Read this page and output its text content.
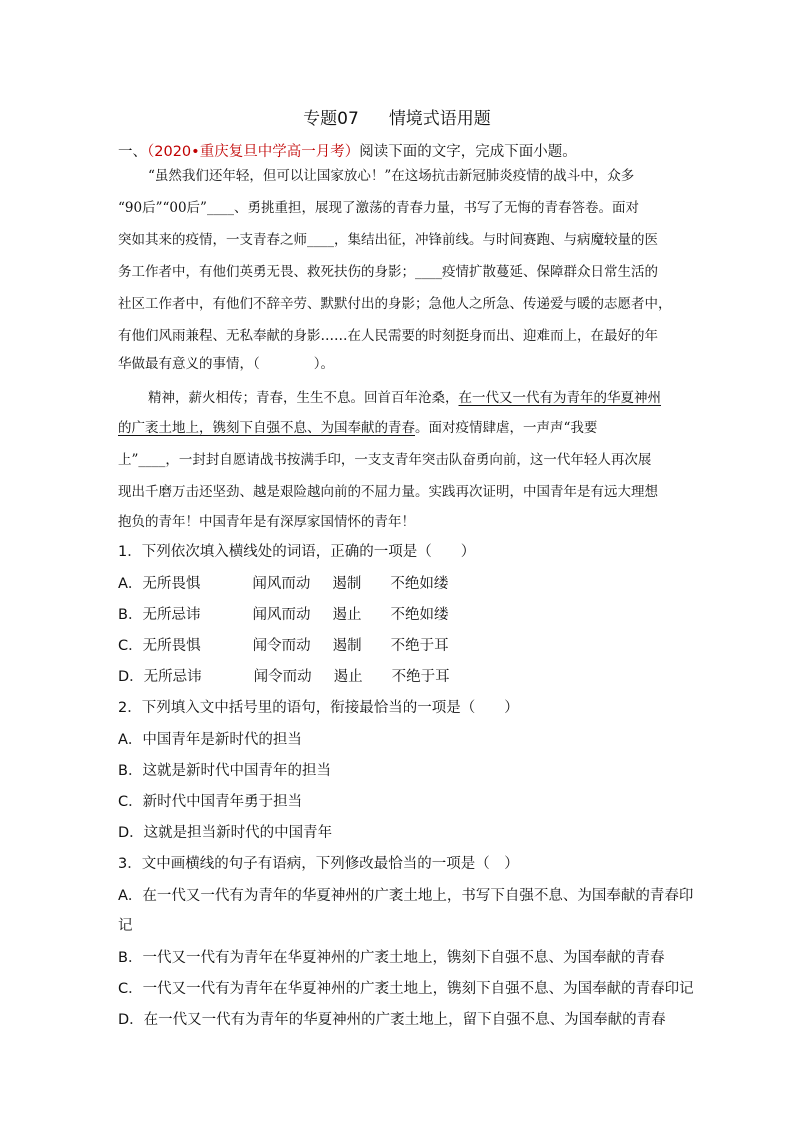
专题07 情境式语用题
一、（2020•重庆复旦中学高一月考）阅读下面的文字，完成下面小题。
“虽然我们还年轻，但可以让国家放心！”在这场抗击新冠肺炎疫情的战斗中，众多
“90后”“00后”____、勇挑重担，展现了激荡的青春力量，书写了无悔的青春答卷。面对
突如其来的疫情，一支青春之师____，集结出征，冲锋前线。与时间赛跑、与病魔较量的医
务工作者中，有他们英勇无畏、救死扶伤的身影；____疫情扩散蔓延、保障群众日常生活的
社区工作者中，有他们不辞辛劳、默默付出的身影；急他人之所急、传递爱与暖的志愿者中，
有他们风雨兼程、无私奉献的身影……在人民需要的时刻挺身而出、迎难而上，在最好的年
华做最有意义的事情，（　　　　）。
精神，薪火相传；青春，生生不息。回首百年沧桑，在一代又一代有为青年的华夏神州
的广袤土地上，镌刻下自强不息、为国奉献的青春。面对疫情肆虐，一声声“我要
上”____，一封封自愿请战书按满手印，一支支青年突击队奋勇向前，这一代年轻人再次展
现出千磨万击还坚劲、越是艰险越向前的不屈力量。实践再次证明，中国青年是有远大理想
抱负的青年！中国青年是有深厚家国情怀的青年！
1．下列依次填入横线处的词语，正确的一项是（　　）
A．无所畏惧	闻风而动 遏制 不绝如缕
B．无所忌讳	闻风而动 遏止 不绝如缕
C．无所畏惧	闻令而动 遏制 不绝于耳
D．无所忌讳	闻令而动 遏止 不绝于耳
2．下列填入文中括号里的语句，衔接最恰当的一项是（　　）
A．中国青年是新时代的担当
B．这就是新时代中国青年的担当
C．新时代中国青年勇于担当
D．这就是担当新时代的中国青年
3．文中画横线的句子有语病，下列修改最恰当的一项是（　）
A．在一代又一代有为青年的华夏神州的广袤土地上，书写下自强不息、为国奉献的青春印
记
B．一代又一代有为青年在华夏神州的广袤土地上，镌刻下自强不息、为国奉献的青春
C．一代又一代有为青年在华夏神州的广袤土地上，镌刻下自强不息、为国奉献的青春印记
D．在一代又一代有为青年的华夏神州的广袤土地上，留下自强不息、为国奉献的青春
